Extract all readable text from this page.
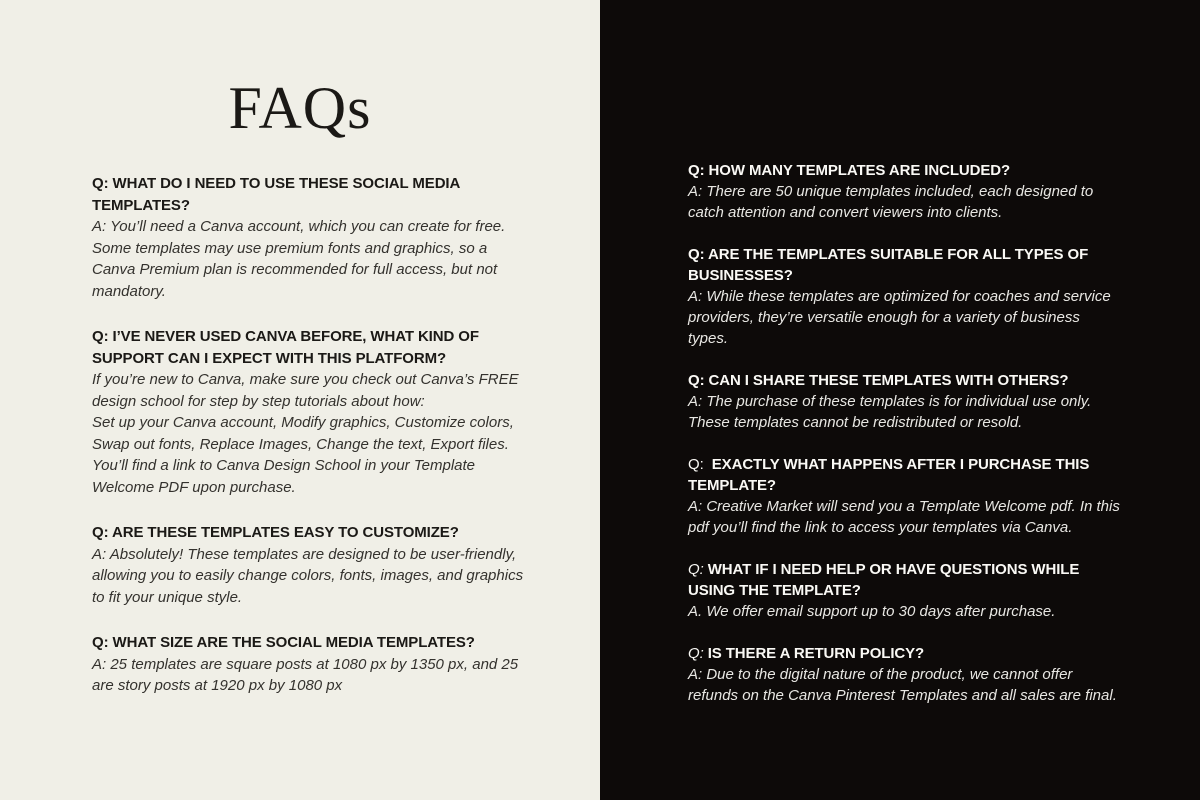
FAQs
Q: WHAT DO I NEED TO USE THESE SOCIAL MEDIA
TEMPLATES?
A: You’ll need a Canva account, which you can create for free.
Some templates may use premium fonts and graphics, so a
Canva Premium plan is recommended for full access, but not
mandatory.
Q: I’VE NEVER USED CANVA BEFORE, WHAT KIND OF
SUPPORT CAN I EXPECT WITH THIS PLATFORM?
If you’re new to Canva, make sure you check out Canva’s FREE
design school for step by step tutorials about how:
Set up your Canva account, Modify graphics, Customize colors,
Swap out fonts, Replace Images, Change the text, Export files.
You’ll find a link to Canva Design School in your Template
Welcome PDF upon purchase.
Q: ARE THESE TEMPLATES EASY TO CUSTOMIZE?
A: Absolutely! These templates are designed to be user-friendly,
allowing you to easily change colors, fonts, images, and graphics
to fit your unique style.
Q: WHAT SIZE ARE THE SOCIAL MEDIA TEMPLATES?
A: 25 templates are square posts at 1080 px by 1350 px, and 25
are story posts at 1920 px by 1080 px
Q: HOW MANY TEMPLATES ARE INCLUDED?
A: There are 50 unique templates included, each designed to
catch attention and convert viewers into clients.
Q: ARE THE TEMPLATES SUITABLE FOR ALL TYPES OF
BUSINESSES?
A: While these templates are optimized for coaches and service
providers, they’re versatile enough for a variety of business
types.
Q: CAN I SHARE THESE TEMPLATES WITH OTHERS?
A: The purchase of these templates is for individual use only.
These templates cannot be redistributed or resold.
Q:  EXACTLY WHAT HAPPENS AFTER I PURCHASE THIS
TEMPLATE?
A: Creative Market will send you a Template Welcome pdf. In this
pdf you’ll find the link to access your templates via Canva.
Q: WHAT IF I NEED HELP OR HAVE QUESTIONS WHILE
USING THE TEMPLATE?
A. We offer email support up to 30 days after purchase.
Q: IS THERE A RETURN POLICY?
A: Due to the digital nature of the product, we cannot offer
refunds on the Canva Pinterest Templates and all sales are final.
